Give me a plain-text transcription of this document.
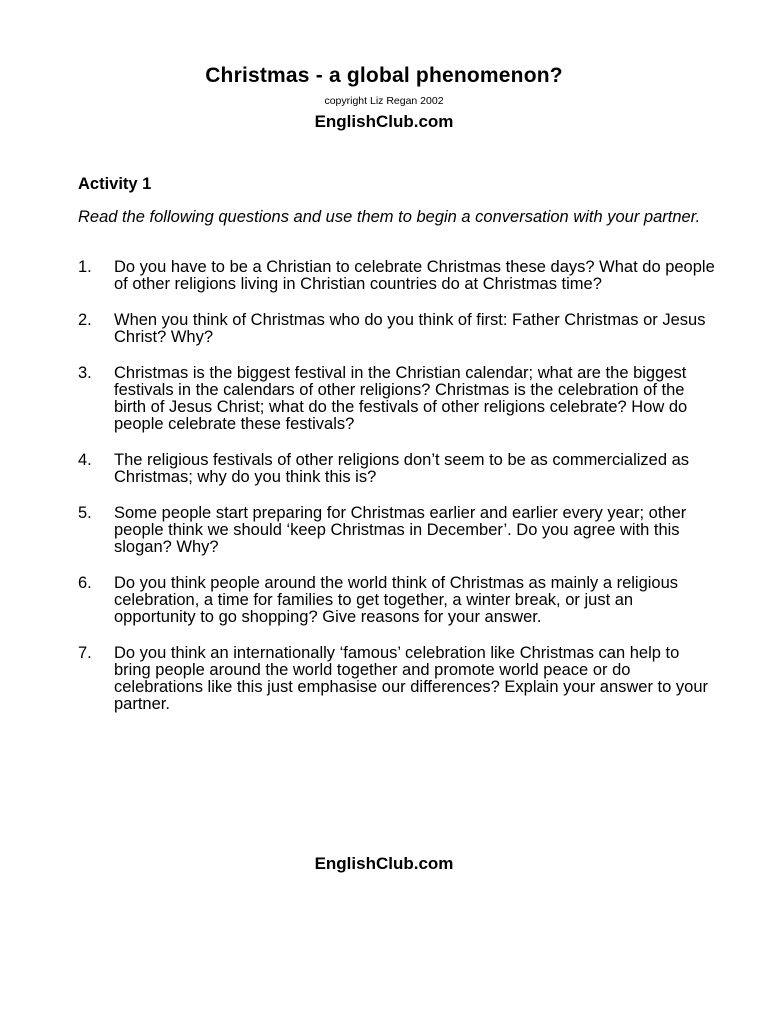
Christmas - a global phenomenon?
copyright Liz Regan 2002
EnglishClub.com
Activity 1
Read the following questions and use them to begin a conversation with your partner.
1.	Do you have to be a Christian to celebrate Christmas these days? What do people of other religions living in Christian countries do at Christmas time?
2.	When you think of Christmas who do you think of first: Father Christmas or Jesus Christ? Why?
3.	Christmas is the biggest festival in the Christian calendar; what are the biggest festivals in the calendars of other religions? Christmas is the celebration of the birth of Jesus Christ; what do the festivals of other religions celebrate? How do people celebrate these festivals?
4.	The religious festivals of other religions don’t seem to be as commercialized as Christmas; why do you think this is?
5.	Some people start preparing for Christmas earlier and earlier every year; other people think we should ‘keep Christmas in December’. Do you agree with this slogan? Why?
6.	Do you think people around the world think of Christmas as mainly a religious celebration, a time for families to get together, a winter break, or just an opportunity to go shopping? Give reasons for your answer.
7.	Do you think an internationally ‘famous’ celebration like Christmas can help to bring people around the world together and promote world peace or do celebrations like this just emphasise our differences? Explain your answer to your partner.
EnglishClub.com
